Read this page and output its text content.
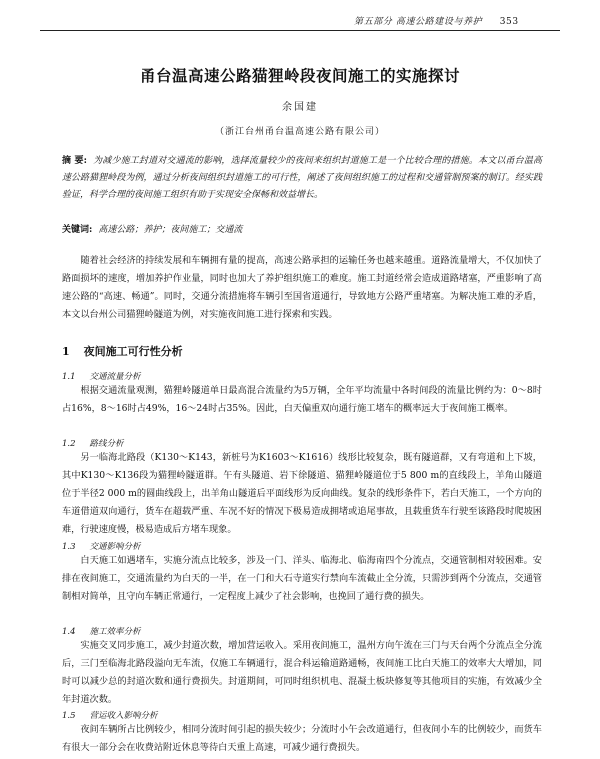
第五部分 高速公路建设与养护 353
甬台温高速公路猫狸岭段夜间施工的实施探讨
余国建
（浙江台州甬台温高速公路有限公司）
摘 要: 为减少施工封道对交通流的影响，选择流量较少的夜间来组织封道施工是一个比较合理的措施。本文以甬台温高速公路猫狸岭段为例，通过分析夜间组织封道施工的可行性，阐述了夜间组织施工的过程和交通管制预案的制订。经实践验证，科学合理的夜间施工组织有助于实现安全保畅和效益增长。
关键词: 高速公路；养护；夜间施工；交通流
随着社会经济的持续发展和车辆拥有量的提高，高速公路承担的运输任务也越来越重。道路流量增大，不仅加快了路面损坏的速度，增加养护作业量，同时也加大了养护组织施工的难度。施工封道经常会造成道路堵塞，严重影响了高速公路的“高速、畅通”。同时，交通分流措施将车辆引至国省道通行，导致地方公路严重堵塞。为解决施工难的矛盾，本文以台州公司猫狸岭隧道为例，对实施夜间施工进行探索和实践。
1 夜间施工可行性分析
1.1 交通流量分析
根据交通流量观测，猫狸岭隧道单日最高混合流量约为5万辆，全年平均流量中各时间段的流量比例约为：0～8时占16%，8～16时占49%，16～24时占35%。因此，白天偏重双向通行施工堵车的概率远大于夜间施工概率。
1.2 路线分析
另一临海北路段（K130～K143，新桩号为K1603～K1616）线形比较复杂，既有隧道群，又有弯道和上下坡，其中K130～K136段为猫狸岭隧道群。午有头隧道、岩下徐隧道、猫狸岭隧道位于5 800 m的直线段上，羊角山隧道位于半径2 000 m的圆曲线段上，出羊角山隧道后平面线形为反向曲线。复杂的线形条件下，若白天施工，一个方向的车道借道双向通行，货车在超载严重、车况不好的情况下极易造成拥堵或追尾事故，且载重货车行驶至该路段时爬坡困难，行驶速度慢，极易造成后方堵车现象。
1.3 交通影响分析
白天施工如遇堵车，实施分流点比较多，涉及一门、洋头、临海北、临海南四个分流点，交通管制相对较困难。安排在夜间施工，交通流量约为白天的一半，在一门和大石寺道实行禁向车流截止全分流，只需涉到两个分流点，交通管制相对简单，且守向车辆正常通行，一定程度上减少了社会影响，也挽回了通行费的损失。
1.4 施工效率分析
实施交叉同步施工，减少封道次数，增加营运收入。采用夜间施工，温州方向午流在三门与天台两个分流点全分流后，三门至临海北路段溢向无车流，仅施工车辆通行，混合科运输道路通畅，夜间施工比白天施工的效率大大增加，同时可以减少总的封道次数和通行费损失。封道期间，可同时组织机电、混凝土板块修复等其他项目的实施，有效减少全年封道次数。
1.5 营运收入影响分析
夜间车辆所占比例较少，相同分流时间引起的损失较少；分流时小午会改道通行，但夜间小车的比例较少，而货车有很大一部分会在收费站附近休息等待白天重上高速，可减少通行费损失。
